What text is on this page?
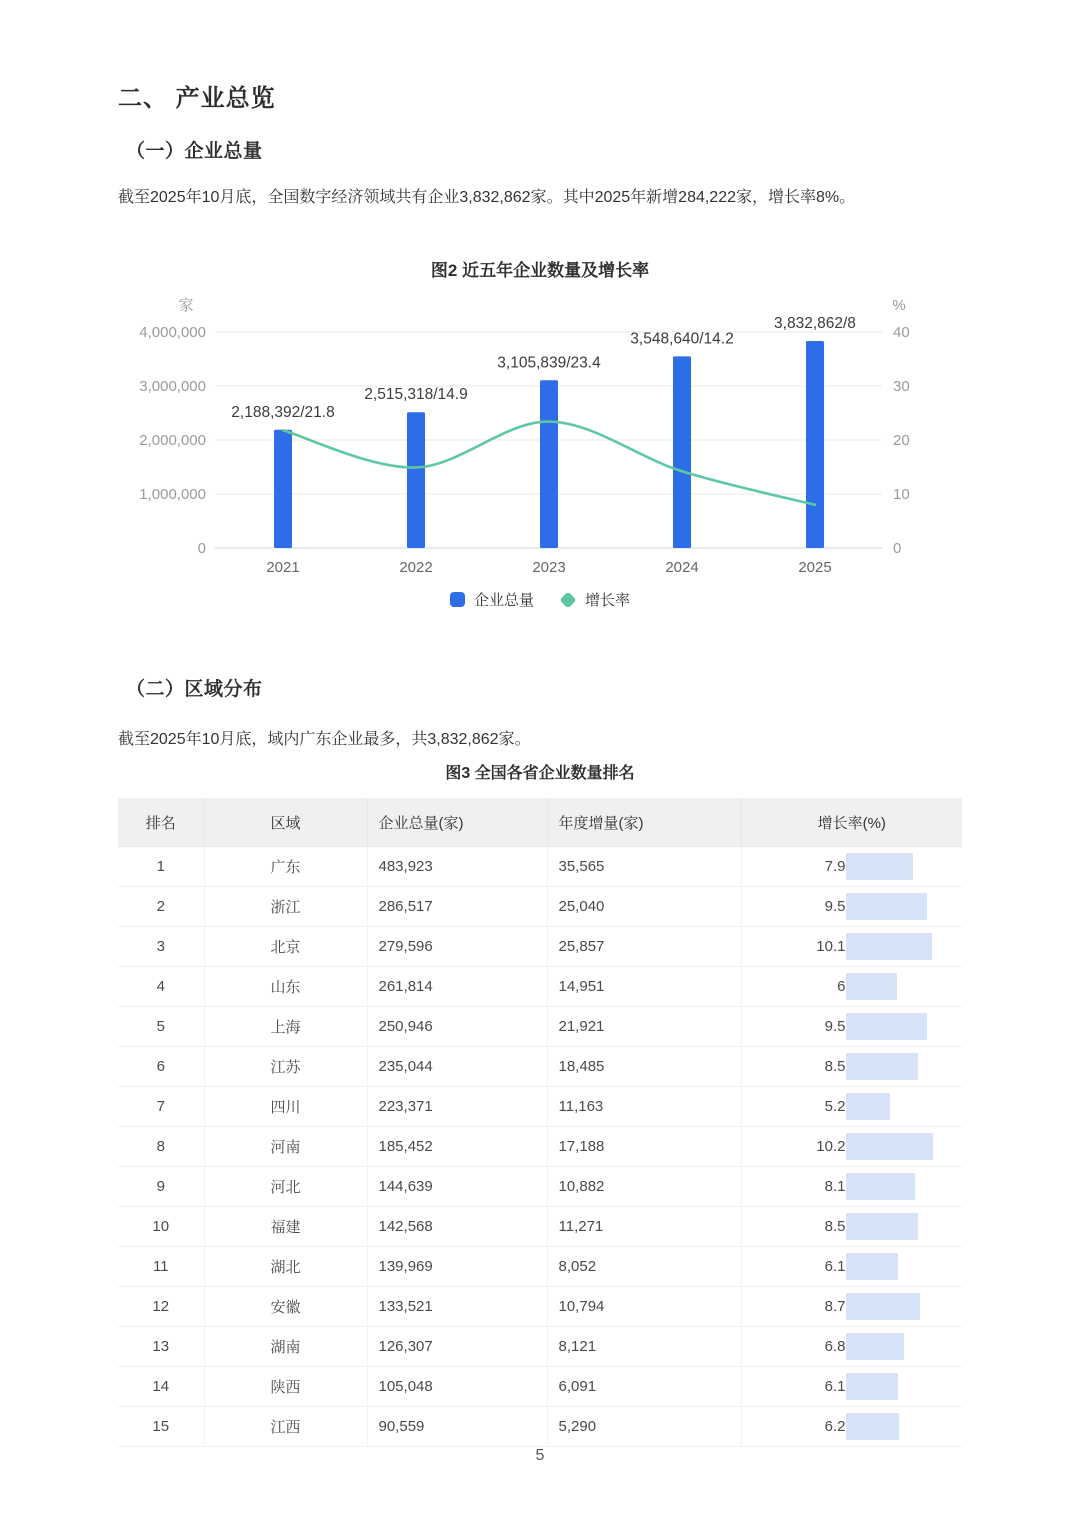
二、 产业总览
（一）企业总量
截至2025年10月底，全国数字经济领域共有企业3,832,862家。其中2025年新增284,222家，增长率8%。
图2 近五年企业数量及增长率
0	0
1,000,000	10
2,000,000	20
3,000,000	30
4,000,000	40
家	%
2,188,392/21.8
2021
2,515,318/14.9
2022
3,105,839/23.4
2023
3,548,640/14.2
2024
3,832,862/8
2025
企业总量	增长率
（二）区域分布
截至2025年10月底，域内广东企业最多，共3,832,862家。
图3 全国各省企业数量排名
排名	区域	企业总量(家)	年度增量(家)	增长率(%)
1	广东	483,923	35,565	7.9

2	浙江	286,517	25,040	9.5

3	北京	279,596	25,857	10.1

4	山东	261,814	14,951	6

5	上海	250,946	21,921	9.5

6	江苏	235,044	18,485	8.5

7	四川	223,371	11,163	5.2

8	河南	185,452	17,188	10.2

9	河北	144,639	10,882	8.1

10	福建	142,568	11,271	8.5

11	湖北	139,969	8,052	6.1

12	安徽	133,521	10,794	8.7

13	湖南	126,307	8,121	6.8

14	陕西	105,048	6,091	6.1

15	江西	90,559	5,290	6.2
5
